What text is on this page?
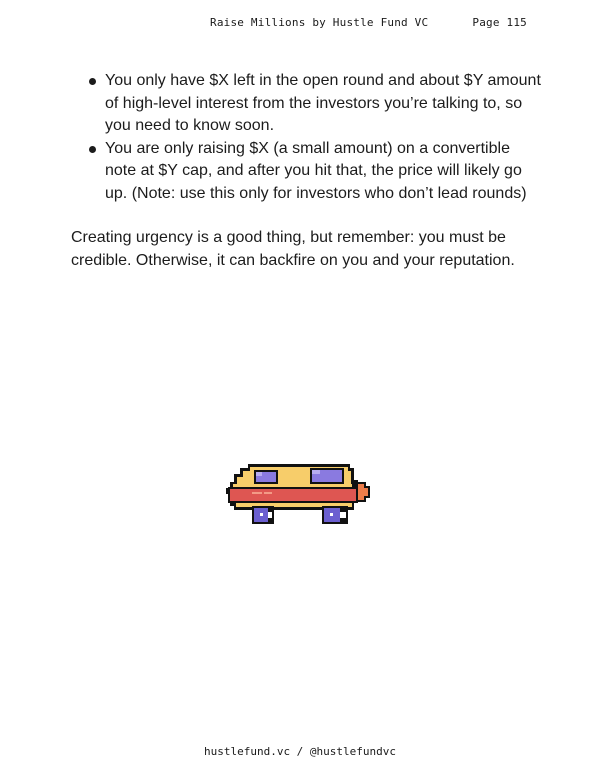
Raise Millions by Hustle Fund VC	Page 115
You only have $X left in the open round and about $Y amount of high-level interest from the investors you’re talking to, so you need to know soon.
You are only raising $X (a small amount) on a convertible note at $Y cap, and after you hit that, the price will likely go up. (Note: use this only for investors who don’t lead rounds)

Creating urgency is a good thing, but remember: you must be credible. Otherwise, it can backfire on you and your reputation.

hustlefund.vc / @hustlefundvc
